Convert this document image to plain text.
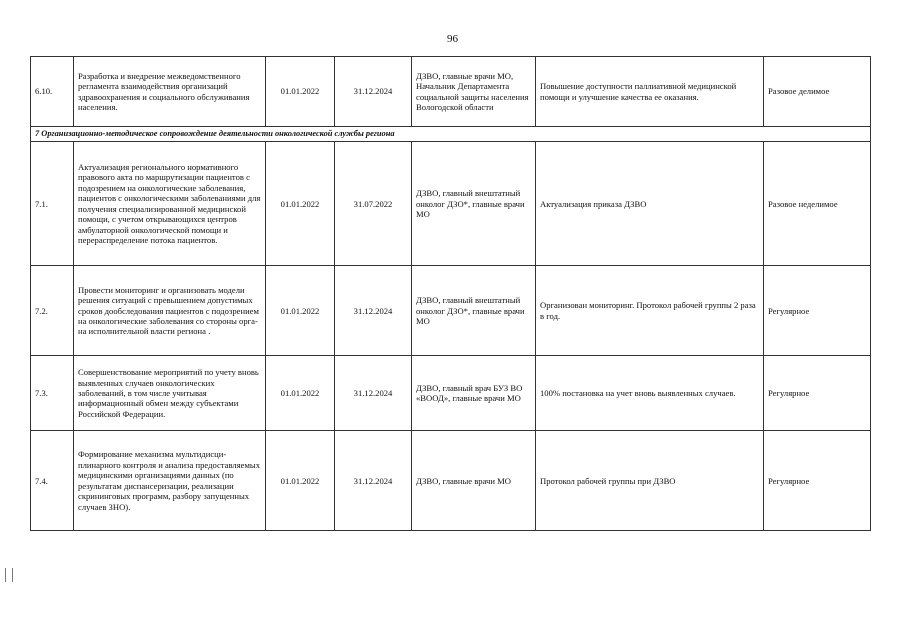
96
6.10.	Разработка и внедрение межведомственного регламента взаимодействия организаций здравоохранения и социального обслуживания населения.	01.01.2022	31.12.2024	ДЗВО, главные врачи МО, Начальник Департамента социальной защиты населения Вологодской области	Повышение доступности паллиативной медицинской помощи и улучшение качества ее оказания.	Разовое делимое
7 Организационно-методическое сопровождение деятельности онкологической службы региона						
7.1.	Актуализация регионального нормативного правового акта по маршрутизации пациентов с подозрением на онкологические заболевания, пациентов с онкологическими заболеваниями для получения специализированной медицинской помощи, с учетом открывающихся центров амбулаторной онкологической помощи и перераспределение потока пациентов.	01.01.2022	31.07.2022	ДЗВО, главный внештатный онколог ДЗО*, главные врачи МО	Актуализация приказа ДЗВО	Разовое неделимое
7.2.	Провести мониторинг и организовать модели решения ситуаций с превышением допустимых сроков дообследования пациентов с подозрением на онкологические заболевания со стороны органа исполнительной власти региона .	01.01.2022	31.12.2024	ДЗВО, главный внештатный онколог ДЗО*, главные врачи МО	Организован мониторинг. Протокол рабочей группы 2 раза в год.	Регулярное
7.3.	Совершенствование мероприятий по учету вновь выявленных случаев онкологических заболеваний, в том числе учитывая информационный обмен между субъектами Российской Федерации.	01.01.2022	31.12.2024	ДЗВО, главный врач БУЗ ВО «ВООД», главные врачи МО	100% постановка на учет вновь выявленных случаев.	Регулярное
7.4.	Формирование механизма мультидисциплинарного контроля и анализа предоставляемых медицинскими организациями данных (по результатам диспансеризации, реализации скрининговых программ, разбору запущенных случаев ЗНО).	01.01.2022	31.12.2024	ДЗВО, главные врачи МО	Протокол рабочей группы при ДЗВО	Регулярное
